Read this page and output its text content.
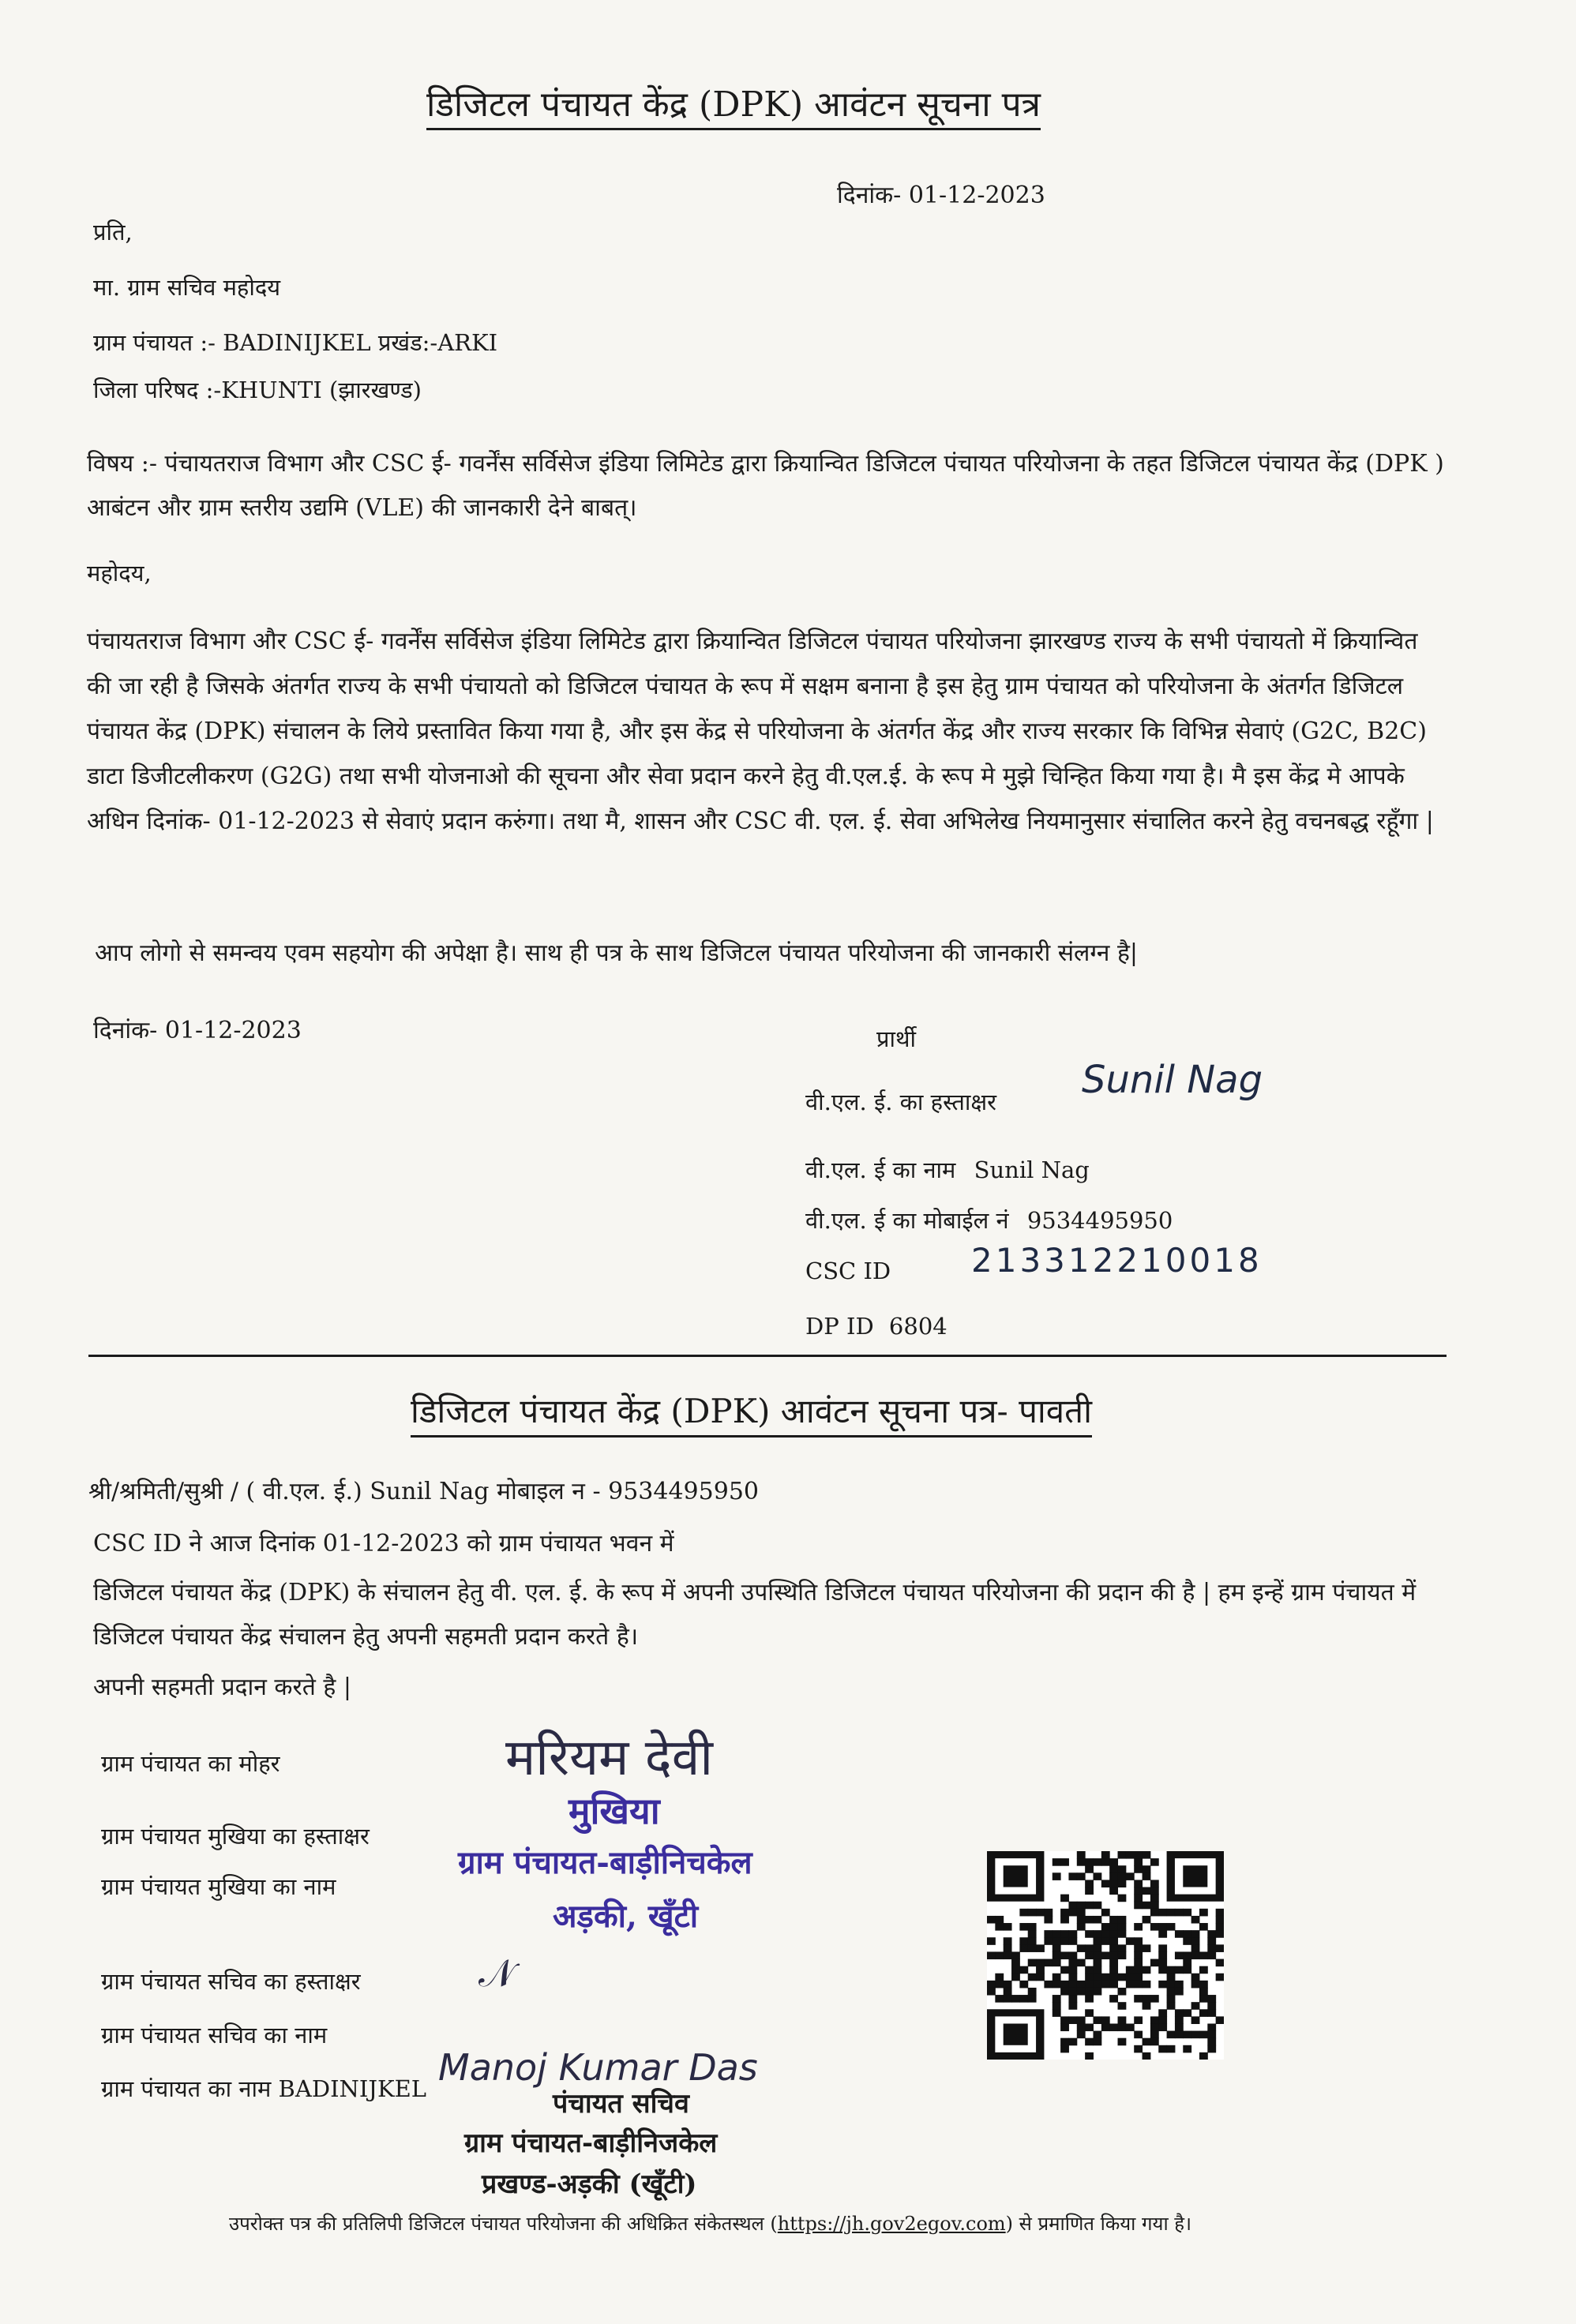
डिजिटल पंचायत केंद्र (DPK) आवंटन सूचना पत्र
दिनांक- 01-12-2023
प्रति,
मा. ग्राम सचिव महोदय
ग्राम पंचायत :- BADINIJKEL प्रखंड:-ARKI
जिला परिषद :-KHUNTI (झारखण्ड)
विषय :- पंचायतराज विभाग और CSC ई- गवर्नेंस सर्विसेज इंडिया लिमिटेड द्वारा क्रियान्वित डिजिटल पंचायत परियोजना के तहत डिजिटल पंचायत केंद्र (DPK ) आबंटन और ग्राम स्तरीय उद्यमि (VLE) की जानकारी देने बाबत्।
महोदय,
पंचायतराज विभाग और CSC ई- गवर्नेंस सर्विसेज इंडिया लिमिटेड द्वारा क्रियान्वित डिजिटल पंचायत परियोजना झारखण्ड राज्य के सभी पंचायतो में क्रियान्वित की जा रही है जिसके अंतर्गत राज्य के सभी पंचायतो को डिजिटल पंचायत के रूप में सक्षम बनाना है इस हेतु ग्राम पंचायत को परियोजना के अंतर्गत डिजिटल पंचायत केंद्र (DPK) संचालन के लिये प्रस्तावित किया गया है, और इस केंद्र से परियोजना के अंतर्गत केंद्र और राज्य सरकार कि विभिन्न सेवाएं (G2C, B2C) डाटा डिजीटलीकरण (G2G) तथा सभी योजनाओ की सूचना और सेवा प्रदान करने हेतु वी.एल.ई. के रूप मे मुझे चिन्हित किया गया है। मै इस केंद्र मे आपके अधिन दिनांक- 01-12-2023 से सेवाएं प्रदान करुंगा। तथा मै, शासन और CSC वी. एल. ई. सेवा अभिलेख नियमानुसार संचालित करने हेतु वचनबद्ध रहूँगा |
आप लोगो से समन्वय एवम सहयोग की अपेक्षा है। साथ ही पत्र के साथ डिजिटल पंचायत परियोजना की जानकारी संलग्न है|
दिनांक- 01-12-2023	प्रार्थी
वी.एल. ई. का हस्ताक्षर Sunil Nag
वी.एल. ई का नाम Sunil Nag
वी.एल. ई का मोबाईल नं 9534495950
CSC ID 213312210018
DP ID 6804
डिजिटल पंचायत केंद्र (DPK) आवंटन सूचना पत्र- पावती
श्री/श्रमिती/सुश्री / ( वी.एल. ई.) Sunil Nag मोबाइल न - 9534495950
CSC ID ने आज दिनांक 01-12-2023 को ग्राम पंचायत भवन में
डिजिटल पंचायत केंद्र (DPK) के संचालन हेतु वी. एल. ई. के रूप में अपनी उपस्थिति डिजिटल पंचायत परियोजना की प्रदान की है | हम इन्हें ग्राम पंचायत में डिजिटल पंचायत केंद्र संचालन हेतु अपनी सहमती प्रदान करते है।
अपनी सहमती प्रदान करते है |
ग्राम पंचायत का मोहर
ग्राम पंचायत मुखिया का हस्ताक्षर
ग्राम पंचायत मुखिया का नाम
ग्राम पंचायत सचिव का हस्ताक्षर
ग्राम पंचायत सचिव का नाम
ग्राम पंचायत का नाम BADINIJKEL
मरियम देवी
मुखिया
ग्राम पंचायत-बाड़ीनिचकेल
अड़की, खूँटी
𝒩
Manoj Kumar Das
पंचायत सचिव
ग्राम पंचायत-बाड़ीनिजकेल
प्रखण्ड-अड़की (खूँटी)
उपरोक्त पत्र की प्रतिलिपी डिजिटल पंचायत परियोजना की अधिक्रित संकेतस्थल (https://jh.gov2egov.com) से प्रमाणित किया गया है।
